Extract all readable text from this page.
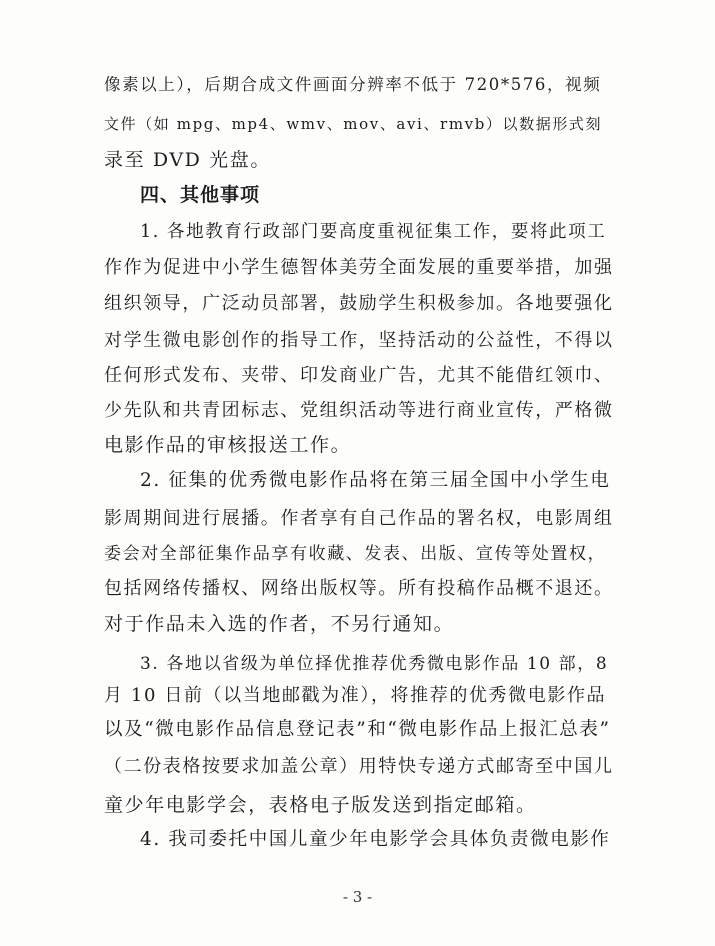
像素以上），后期合成文件画面分辨率不低于 720*576，视频
文件（如 mpg、mp4、wmv、mov、avi、rmvb）以数据形式刻
录至 DVD 光盘。
四、其他事项
1. 各地教育行政部门要高度重视征集工作，要将此项工
作作为促进中小学生德智体美劳全面发展的重要举措，加强
组织领导，广泛动员部署，鼓励学生积极参加。各地要强化
对学生微电影创作的指导工作，坚持活动的公益性，不得以
任何形式发布、夹带、印发商业广告，尤其不能借红领巾、
少先队和共青团标志、党组织活动等进行商业宣传，严格微
电影作品的审核报送工作。
2. 征集的优秀微电影作品将在第三届全国中小学生电
影周期间进行展播。作者享有自己作品的署名权，电影周组
委会对全部征集作品享有收藏、发表、出版、宣传等处置权，
包括网络传播权、网络出版权等。所有投稿作品概不退还。
对于作品未入选的作者，不另行通知。
3. 各地以省级为单位择优推荐优秀微电影作品 10 部，8
月 10 日前（以当地邮戳为准），将推荐的优秀微电影作品
以及“微电影作品信息登记表”和“微电影作品上报汇总表”
（二份表格按要求加盖公章）用特快专递方式邮寄至中国儿
童少年电影学会，表格电子版发送到指定邮箱。
4. 我司委托中国儿童少年电影学会具体负责微电影作
- 3 -
